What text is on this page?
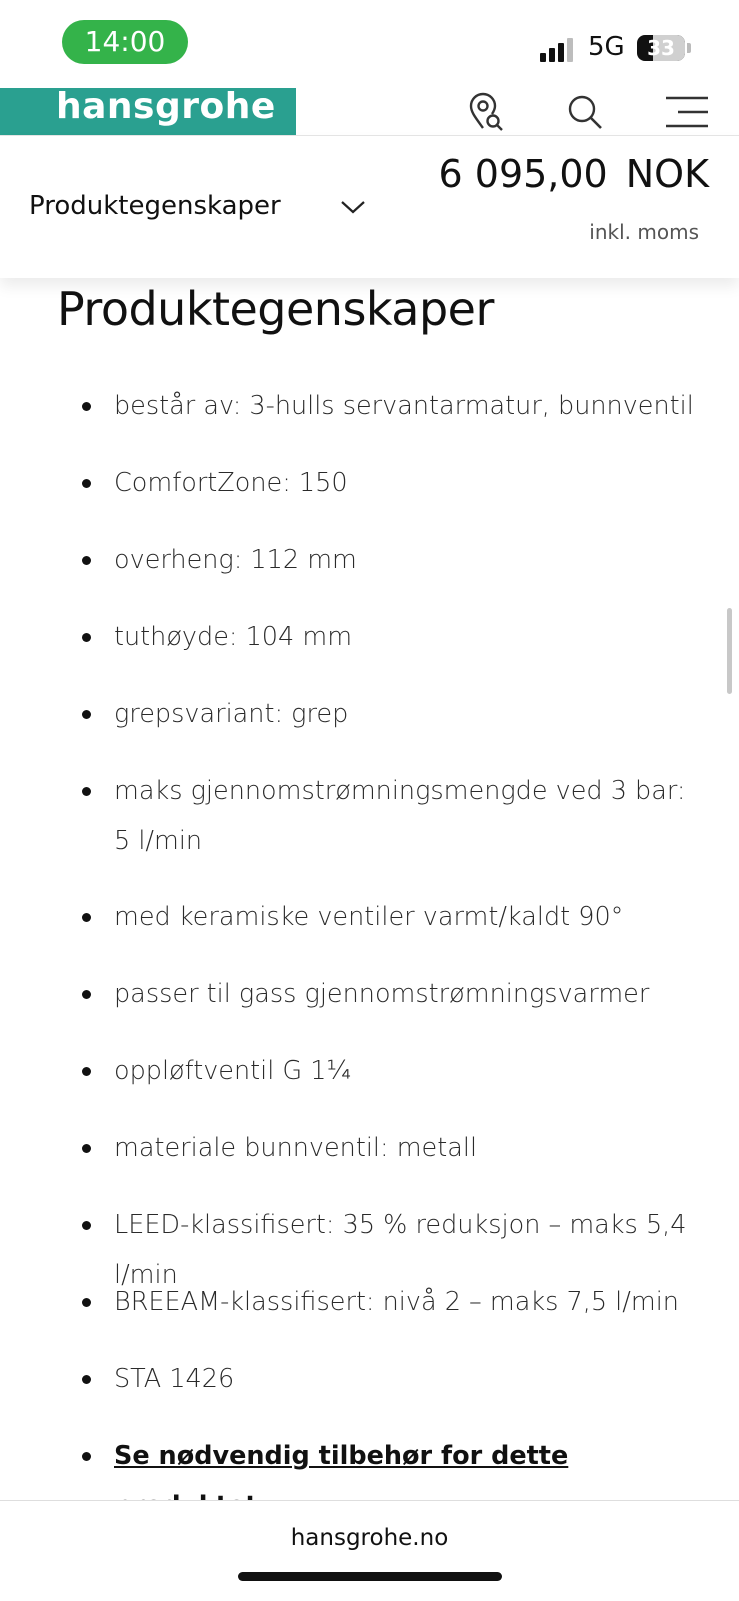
14:00	5G	33
hansgrohe
Produktegenskaper
6 095,00 NOK
inkl. moms
Produktegenskaper
består av: 3-hulls servantarmatur, bunnventil
ComfortZone: 150
overheng: 112 mm
tuthøyde: 104 mm
grepsvariant: grep
maks gjennomstrømningsmengde ved 3 bar: 5 l/min
med keramiske ventiler varmt/kaldt 90°
passer til gass gjennomstrømningsvarmer
oppløftventil G 1¼
materiale bunnventil: metall
LEED-klassifisert: 35 % reduksjon – maks 5,4 l/min
BREEAM-klassifisert: nivå 2 – maks 7,5 l/min
STA 1426
Se nødvendig tilbehør for dette
hansgrohe.no
